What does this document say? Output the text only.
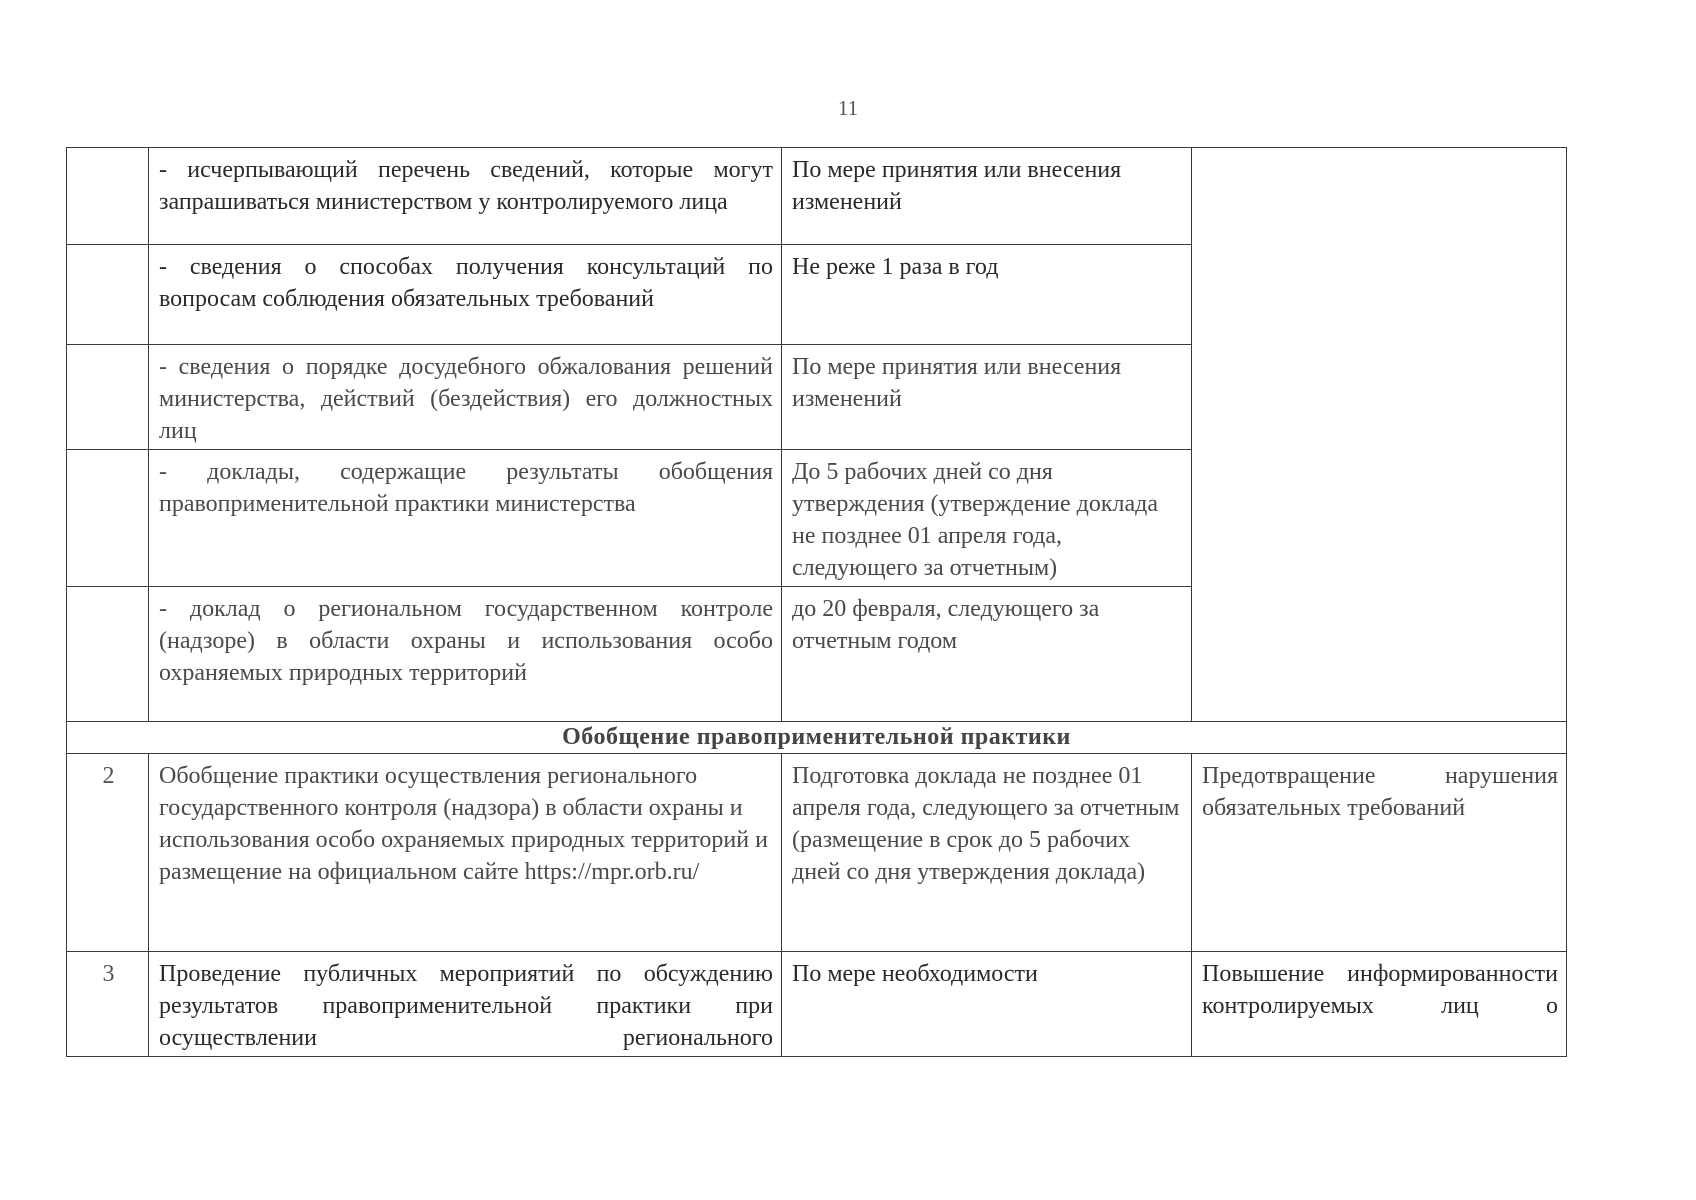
11
	- исчерпывающий перечень сведений, которые могут запрашиваться министерством у контролируемого лица	По мере принятия или внесения изменений	
	- сведения о способах получения консультаций по вопросам соблюдения обязательных требований	Не реже 1 раза в год	
	- сведения о порядке досудебного обжалования решений министерства, действий (бездействия) его должностных лиц	По мере принятия или внесения изменений	
	- доклады, содержащие результаты обобщения правоприменительной практики министерства	До 5 рабочих дней со дня утверждения (утверждение доклада не позднее 01 апреля года, следующего за отчетным)	
	- доклад о региональном государственном контроле (надзоре) в области охраны и использования особо охраняемых природных территорий	до 20 февраля, следующего за отчетным годом	
Обобщение правоприменительной практики			
2	Обобщение практики осуществления регионального государственного контроля (надзора) в области охраны и использования особо охраняемых природных территорий и размещение на официальном сайте https://mpr.orb.ru/	Подготовка доклада не позднее 01 апреля года, следующего за отчетным (размещение в срок до 5 рабочих дней со дня утверждения доклада)	Предотвращение нарушения обязательных требований
3	Проведение публичных мероприятий по обсуждению результатов правоприменительной практики при осуществлении регионального	По мере необходимости	Повышение информированности контролируемых лиц о
